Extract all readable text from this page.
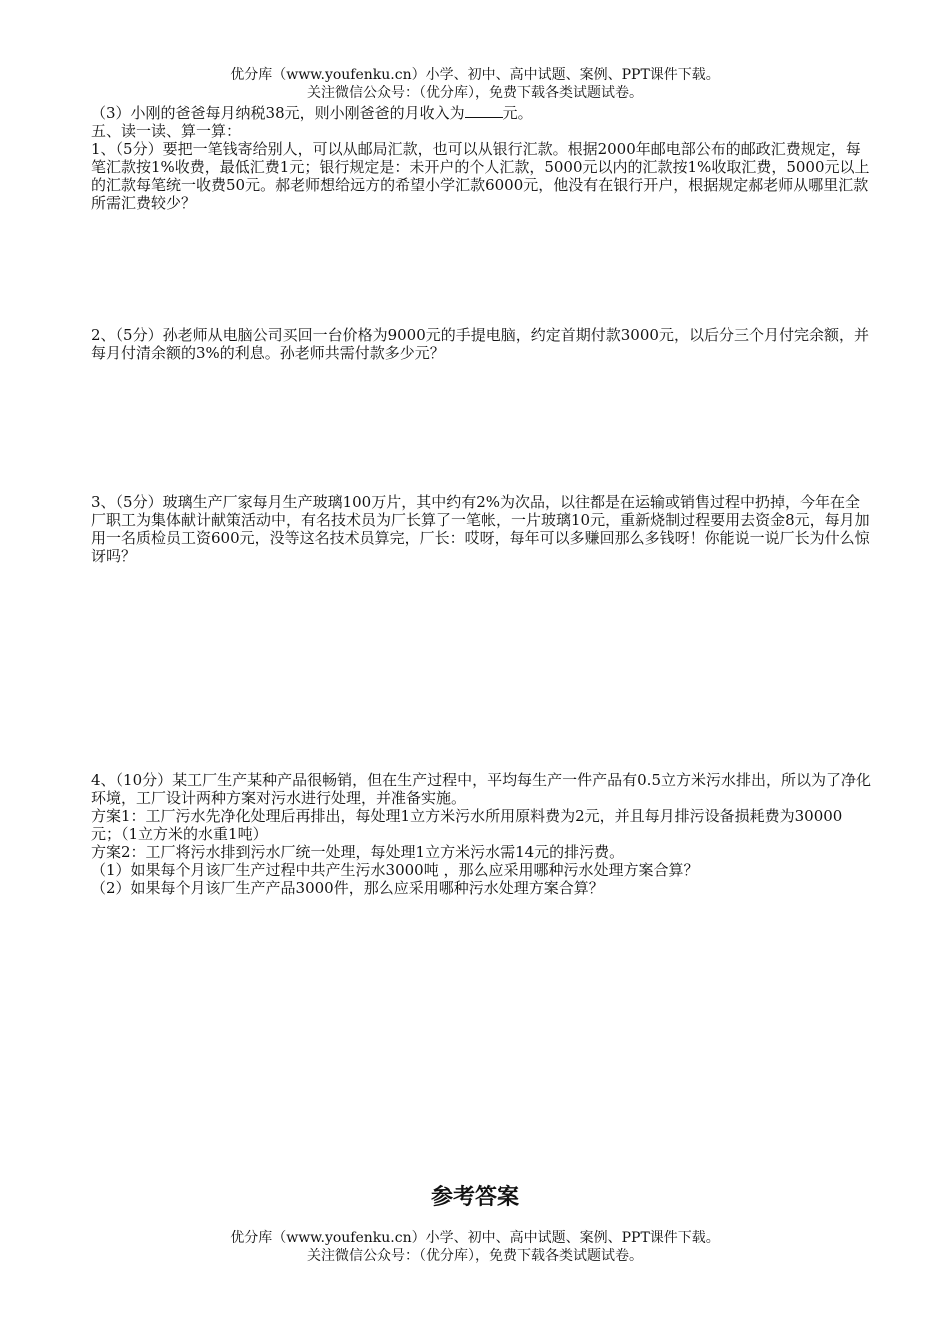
优分库（www.youfenku.cn）小学、初中、高中试题、案例、PPT课件下载。
关注微信公众号：（优分库），免费下载各类试题试卷。

（3）小刚的爸爸每月纳税38元，则小刚爸爸的月收入为	元。

五、读一读、算一算：

1、（5分）要把一笔钱寄给别人，可以从邮局汇款，也可以从银行汇款。根据2000年邮电部公布的邮政汇费规定，每笔汇款按1%收费，最低汇费1元；银行规定是：未开户的个人汇款，5000元以内的汇款按1%收取汇费，5000元以上的汇款每笔统一收费50元。郝老师想给远方的希望小学汇款6000元，他没有在银行开户，根据规定郝老师从哪里汇款所需汇费较少？

2、（5分）孙老师从电脑公司买回一台价格为9000元的手提电脑，约定首期付款3000元，以后分三个月付完余额，并每月付清余额的3%的利息。孙老师共需付款多少元？

3、（5分）玻璃生产厂家每月生产玻璃100万片，其中约有2%为次品，以往都是在运输或销售过程中扔掉，今年在全厂职工为集体献计献策活动中，有名技术员为厂长算了一笔帐，一片玻璃10元，重新烧制过程要用去资金8元，每月加用一名质检员工资600元，没等这名技术员算完，厂长：哎呀，每年可以多赚回那么多钱呀！你能说一说厂长为什么惊讶吗？

4、（10分）某工厂生产某种产品很畅销，但在生产过程中，平均每生产一件产品有0.5立方米污水排出，所以为了净化环境，工厂设计两种方案对污水进行处理，并准备实施。

方案1：工厂污水先净化处理后再排出，每处理1立方米污水所用原料费为2元，并且每月排污设备损耗费为30000元；（1立方米的水重1吨）

方案2：工厂将污水排到污水厂统一处理，每处理1立方米污水需14元的排污费。

（1）如果每个月该厂生产过程中共产生污水3000吨 ，那么应采用哪种污水处理方案合算？

（2）如果每个月该厂生产产品3000件，那么应采用哪种污水处理方案合算？

参考答案
优分库（www.youfenku.cn）小学、初中、高中试题、案例、PPT课件下载。
关注微信公众号：（优分库），免费下载各类试题试卷。
